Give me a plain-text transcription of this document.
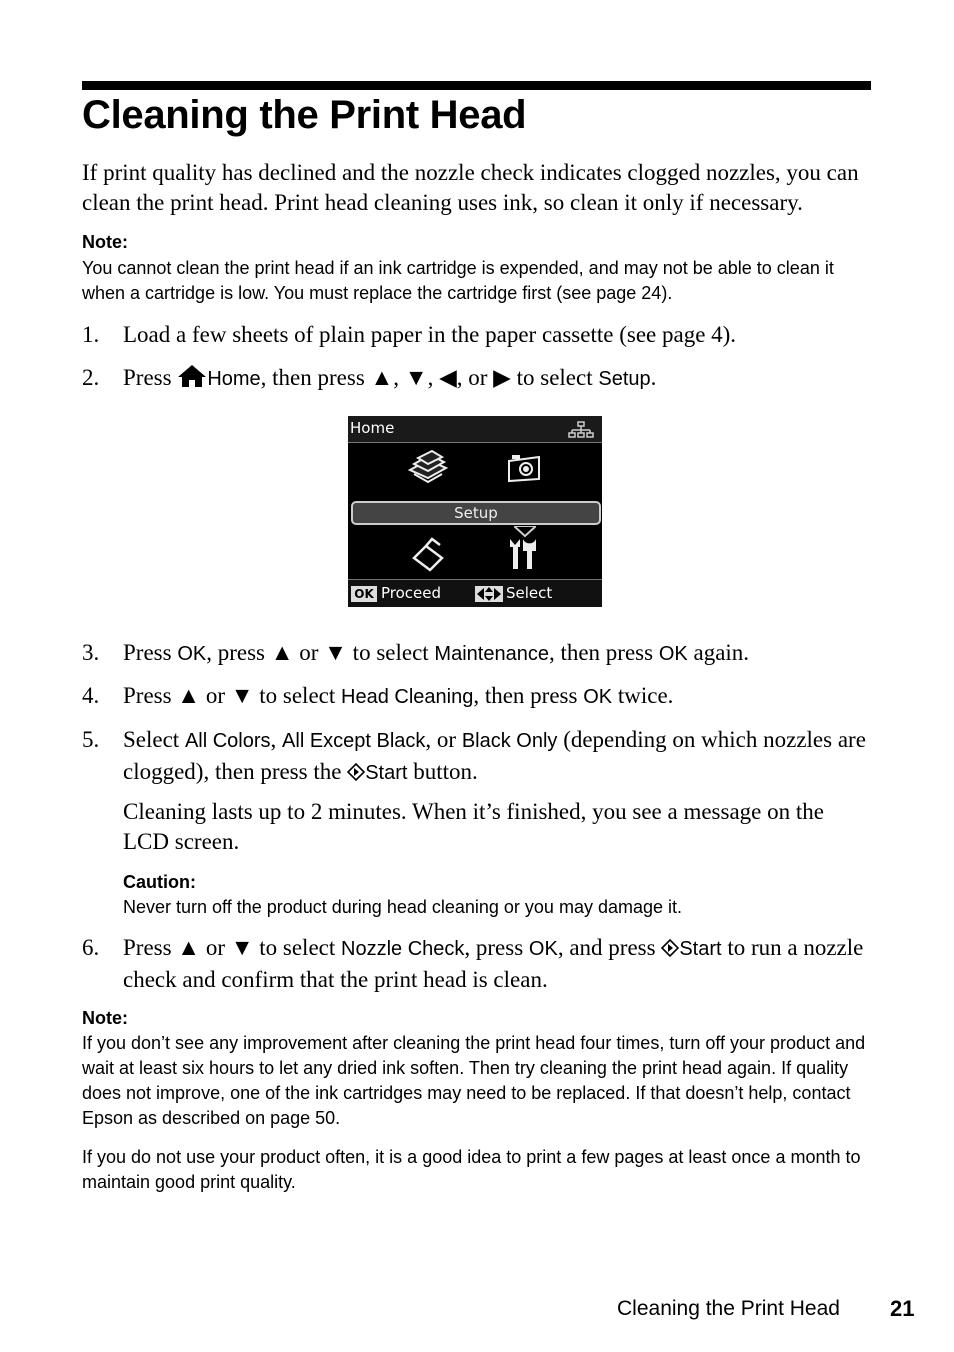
Cleaning the Print Head
If print quality has declined and the nozzle check indicates clogged nozzles, you can clean the print head. Print head cleaning uses ink, so clean it only if necessary.
Note:
You cannot clean the print head if an ink cartridge is expended, and may not be able to clean it when a cartridge is low. You must replace the cartridge first (see page 24).
1. Load a few sheets of plain paper in the paper cassette (see page 4).
2. Press Home, then press ▲, ▼, ◀, or ▶ to select Setup.
Home
Setup
OK Proceed	Select
3. Press OK, press ▲ or ▼ to select Maintenance, then press OK again.
4. Press ▲ or ▼ to select Head Cleaning, then press OK twice.
5. Select All Colors, All Except Black, or Black Only (depending on which nozzles are clogged), then press the Start button.
Cleaning lasts up to 2 minutes. When it’s finished, you see a message on the LCD screen.
Caution:
Never turn off the product during head cleaning or you may damage it.
6. Press ▲ or ▼ to select Nozzle Check, press OK, and press Start to run a nozzle check and confirm that the print head is clean.
Note:
If you don’t see any improvement after cleaning the print head four times, turn off your product and wait at least six hours to let any dried ink soften. Then try cleaning the print head again. If quality does not improve, one of the ink cartridges may need to be replaced. If that doesn’t help, contact Epson as described on page 50.
If you do not use your product often, it is a good idea to print a few pages at least once a month to maintain good print quality.
Cleaning the Print Head 21
